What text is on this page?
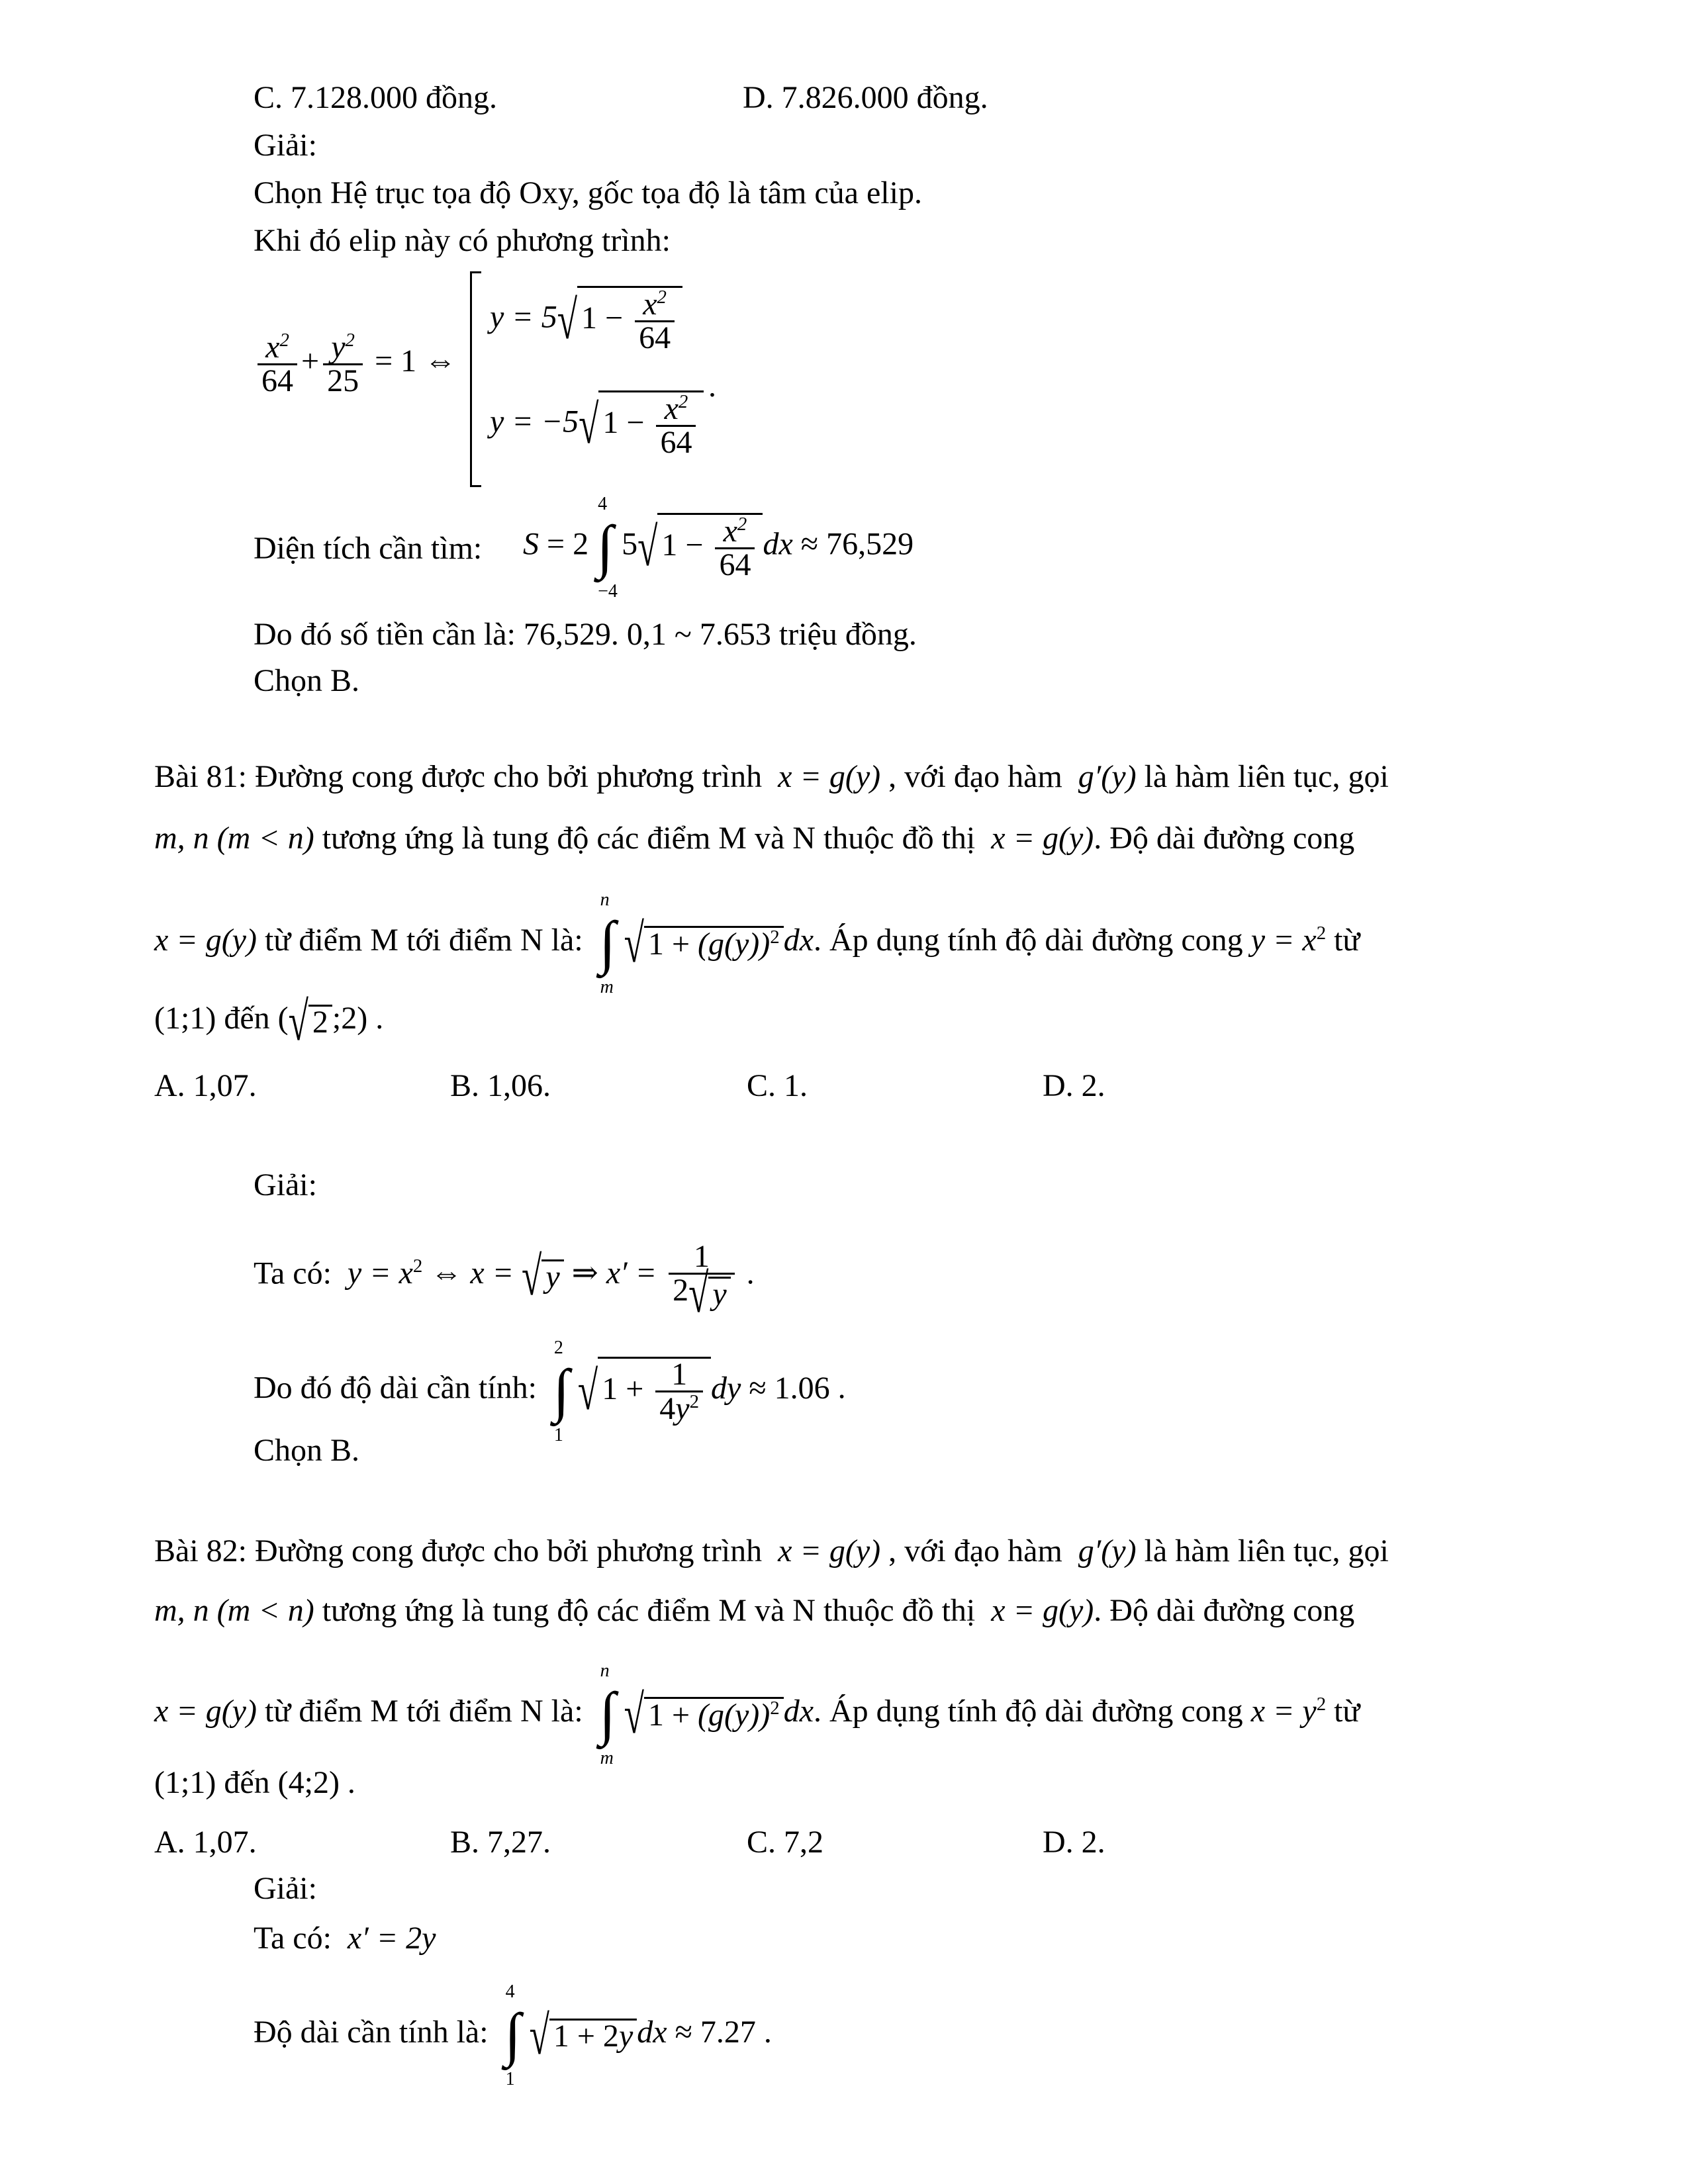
C. 7.128.000 đồng.	D. 7.826.000 đồng.
Giải:
Chọn Hệ trục tọa độ Oxy, gốc tọa độ là tâm của elip.
Khi đó elip này có phương trình:
$\frac{x^2}{64} + \frac{y^2}{25} = 1$ ⇔
y = 5√ $1 - \frac{x^2}{64}$
y = −5√ $1 - \frac{x^2}{64}$
.
Diện tích cần tìm: S = 2
4
∫
−4
5√ $1 - \frac{x^2}{64}$ dx ≈ 76,529
Do đó số tiền cần là: 76,529. 0,1 ~ 7.653 triệu đồng.
Chọn B.
Bài 81: Đường cong được cho bởi phương trình  x = g(y) , với đạo hàm  g′(y) là hàm liên tục, gọi
m, n (m < n) tương ứng là tung độ các điểm M và N thuộc đồ thị  x = g(y). Độ dài đường cong
x = g(y) từ điểm M tới điểm N là:
n
∫
m
√ $1 + (g(y))^2$ dx. Áp dụng tính độ dài đường cong $y = x^2$ từ
(1;1) đến (√ 2 ;2) .
A. 1,07.	B. 1,06.	C. 1.	D. 2.
Giải:
Ta có:  $y = x^2$ ⇔ x = √ y ⇒ $x' = \frac{1}{2√ y}$ .
Do đó độ dài cần tính:
2
∫
1
√ $1 + \frac{1}{4y^2}$ dy ≈ 1.06 .
Chọn B.
Bài 82: Đường cong được cho bởi phương trình  x = g(y) , với đạo hàm  g′(y) là hàm liên tục, gọi
m, n (m < n) tương ứng là tung độ các điểm M và N thuộc đồ thị  x = g(y). Độ dài đường cong
x = g(y) từ điểm M tới điểm N là:
n
∫
m
√ $1 + (g(y))^2$ dx. Áp dụng tính độ dài đường cong $x = y^2$ từ
(1;1) đến (4;2) .
A. 1,07.	B. 7,27.	C. 7,2	D. 2.
Giải:
Ta có:  x′ = 2y
Độ dài cần tính là:
4
∫
1
√ 1 + 2y dx ≈ 7.27 .
